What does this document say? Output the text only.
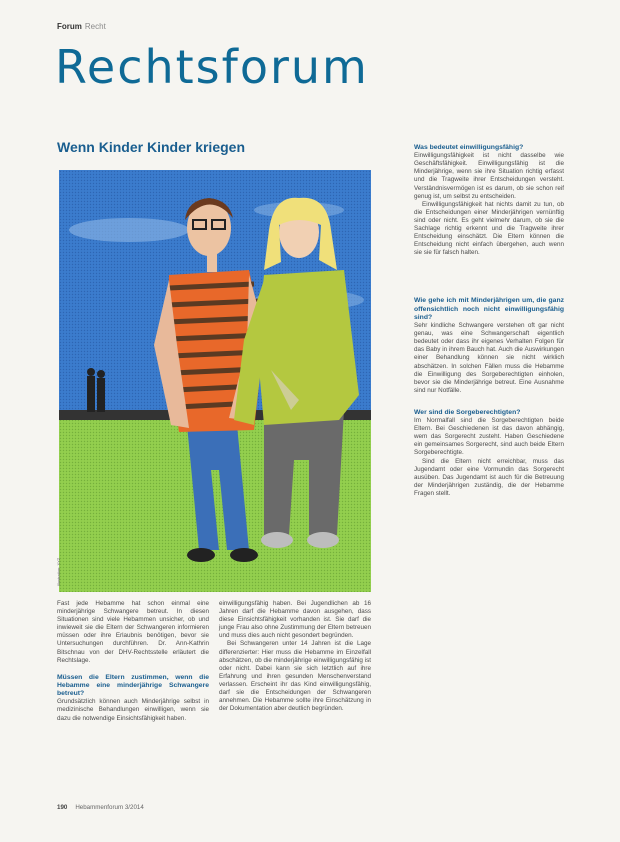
Forum Recht
Rechtsforum
Wenn Kinder Kinder kriegen
Illustration: XYZ

Fast jede Hebamme hat schon einmal eine minderjährige Schwangere betreut. In diesen Situationen sind viele Hebammen unsicher, ob und inwieweit sie die Eltern der Schwangeren informieren müssen oder ihre Erlaubnis benötigen, bevor sie Untersuchungen durchführen. Dr. Ann-Kathrin Bitschnau von der DHV-Rechtsstelle erläutert die Rechtslage.

Müssen die Eltern zustimmen, wenn die Hebamme eine minderjährige Schwangere betreut?

Grundsätzlich können auch Minderjährige selbst in medizinische Behandlungen einwilligen, wenn sie dazu die notwendige Einsichtsfähigkeit haben.

einwilligungsfähig haben. Bei Jugendlichen ab 16 Jahren darf die Hebamme davon ausgehen, dass diese Einsichtsfähigkeit vorhanden ist. Sie darf die junge Frau also ohne Zustimmung der Eltern betreuen und muss dies auch nicht gesondert begründen.

Bei Schwangeren unter 14 Jahren ist die Lage differenzierter: Hier muss die Hebamme im Einzelfall abschätzen, ob die minderjährige einwilligungsfähig ist oder nicht. Dabei kann sie sich letztlich auf ihre Erfahrung und ihren gesunden Menschenverstand verlassen. Erscheint ihr das Kind einwilligungsfähig, darf sie die Entscheidungen der Schwangeren annehmen. Die Hebamme sollte ihre Einschätzung in der Dokumentation aber deutlich begründen.

Was bedeutet einwilligungsfähig?

Einwilligungsfähigkeit ist nicht dasselbe wie Geschäftsfähigkeit. Einwilligungsfähig ist die Minderjährige, wenn sie ihre Situation richtig erfasst und die Tragweite ihrer Entscheidungen versteht. Verständnisvermögen ist es darum, ob sie schon reif genug ist, um selbst zu entscheiden.

Einwilligungsfähigkeit hat nichts damit zu tun, ob die Entscheidungen einer Minderjährigen vernünftig sind oder nicht. Es geht vielmehr darum, ob sie die Sachlage richtig erkennt und die Tragweite ihrer Entscheidung einschätzt. Die Eltern können die Entscheidung nicht einfach übergehen, auch wenn sie sie für falsch halten.

Wie gehe ich mit Minderjährigen um, die ganz offensichtlich noch nicht einwilligungsfähig sind?

Sehr kindliche Schwangere verstehen oft gar nicht genau, was eine Schwangerschaft eigentlich bedeutet oder dass ihr eigenes Verhalten Folgen für das Baby in ihrem Bauch hat. Auch die Auswirkungen einer Behandlung können sie nicht wirklich abschätzen. In solchen Fällen muss die Hebamme die Einwilligung des Sorgeberechtigten einholen, bevor sie die Minderjährige betreut. Eine Ausnahme sind nur Notfälle.

Wer sind die Sorgeberechtigten?

Im Normalfall sind die Sorgeberechtigten beide Eltern. Bei Geschiedenen ist das davon abhängig, wem das Sorgerecht zusteht. Haben Geschiedene ein gemeinsames Sorgerecht, sind auch beide Eltern Sorgeberechtigte.

Sind die Eltern nicht erreichbar, muss das Jugendamt oder eine Vormundin das Sorgerecht ausüben. Das Jugendamt ist auch für die Betreuung der Minderjährigen zuständig, die der Hebamme Fragen stellt.

190 Hebammenforum 3/2014
